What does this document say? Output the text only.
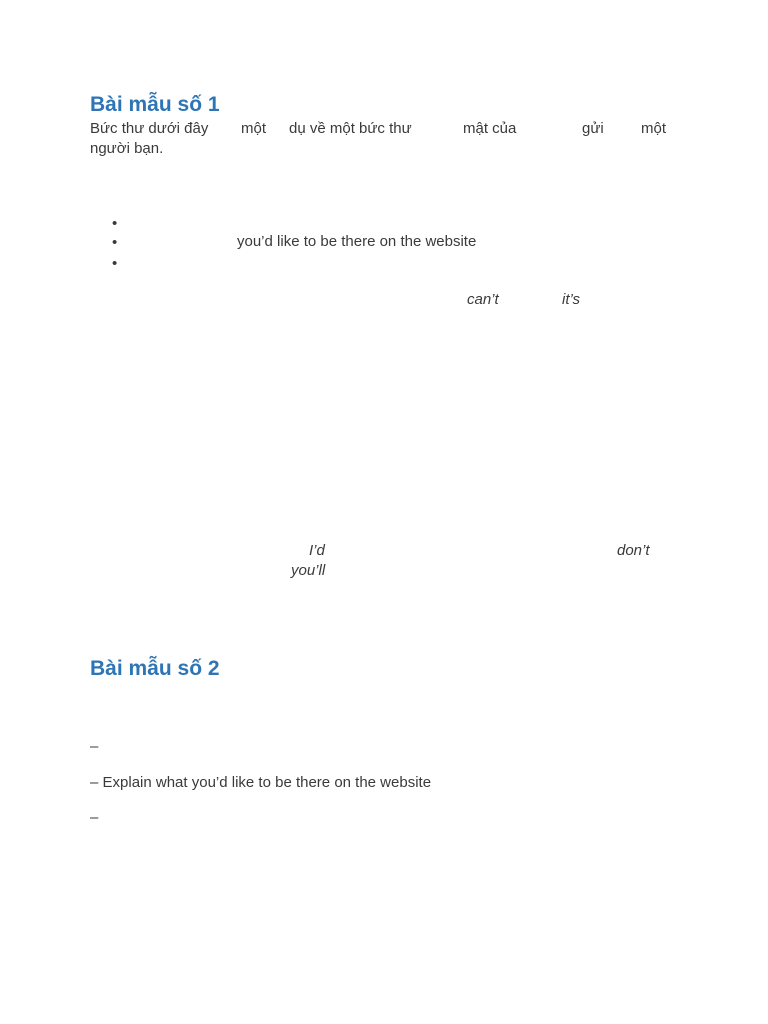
Bài mẫu số 1
Bức thư dưới đây một dụ về một bức thư	mật của	gửi một
người bạn.
•
•	you’d like to be there on the website
•
can’t	it’s
I’d	don’t
you’ll
Bài mẫu số 2
–
– Explain what you’d like to be there on the website
–
